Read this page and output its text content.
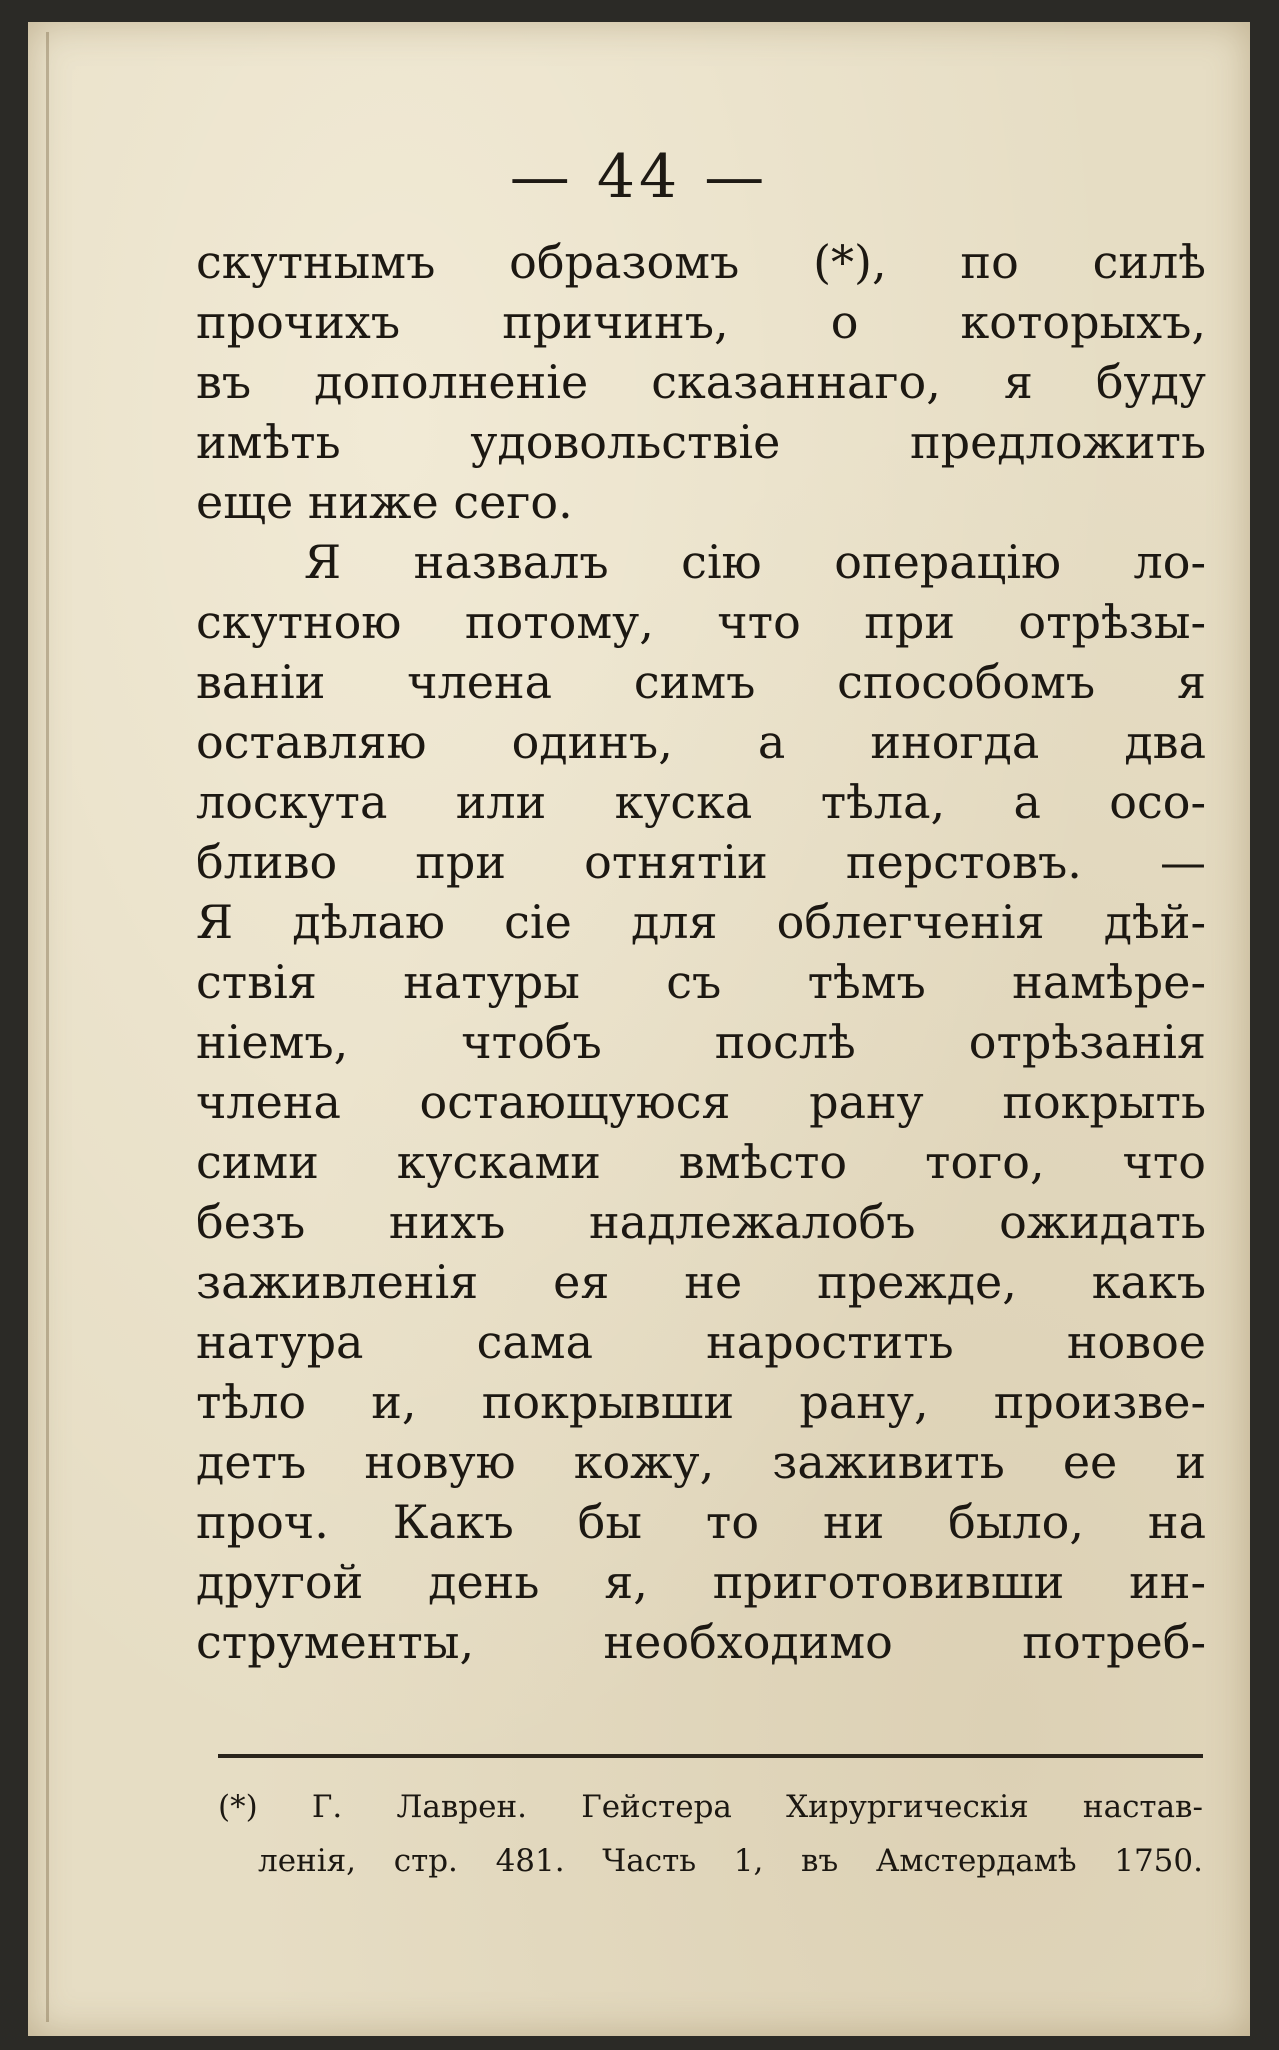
— 44 —
скутнымъ образомъ (*), по силѣ
прочихъ причинъ, о которыхъ,
въ дополненіе сказаннаго, я буду
имѣть удовольствіе предложить
еще ниже сего.
Я назвалъ сію операцію ло-
скутною потому, что при отрѣзы-
ваніи члена симъ способомъ я
оставляю одинъ, а иногда два
лоскута или куска тѣла, а осо-
бливо при отнятіи перстовъ. —
Я дѣлаю сіе для облегченія дѣй-
ствія натуры съ тѣмъ намѣре-
ніемъ, чтобъ послѣ отрѣзанія
члена остающуюся рану покрыть
сими кусками вмѣсто того, что
безъ нихъ надлежалобъ ожидать
заживленія ея не прежде, какъ
натура сама наростить новое
тѣло и, покрывши рану, произве-
детъ новую кожу, заживить ее и
проч. Какъ бы то ни было, на
другой день я, приготовивши ин-
струменты, необходимо потреб-
(*) Г. Лаврен. Гейстера Хирургическія настав-
ленія, стр. 481. Часть 1, въ Амстердамѣ 1750.
